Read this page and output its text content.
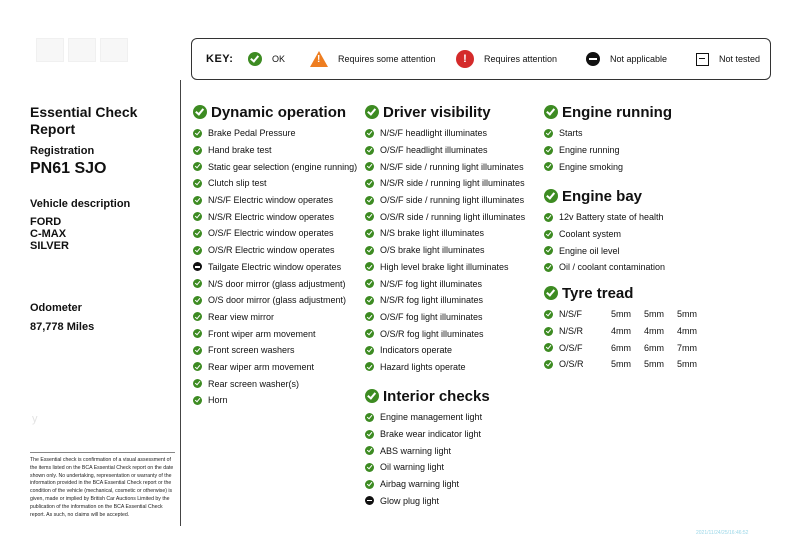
Essential Check Report
Registration
PN61 SJO
Vehicle description
FORD
C-MAX
SILVER
Odometer
87,778 Miles
y
The Essential check is confirmation of a visual assessment of the items listed on the BCA Essential Check report on the date shown only. No undertaking, representation or warranty of the information provided in the BCA Essential Check report or the condition of the vehicle (mechanical, cosmetic or otherwise) is given, made or implied by British Car Auctions Limited by the publication of the information on the BCA Essential Check report. As such, no claims will be accepted.
KEY:	OK
!	Requires some attention	!	Requires attention	Not applicable	Not tested
Dynamic operation
Brake Pedal Pressure
Hand brake test
Static gear selection (engine running)
Clutch slip test
N/S/F Electric window operates
N/S/R Electric window operates
O/S/F Electric window operates
O/S/R Electric window operates
Tailgate Electric window operates
N/S door mirror (glass adjustment)
O/S door mirror (glass adjustment)
Rear view mirror
Front wiper arm movement
Front screen washers
Rear wiper arm movement
Rear screen washer(s)
Horn
Driver visibility
N/S/F headlight illuminates
O/S/F headlight illuminates
N/S/F side / running light illuminates
N/S/R side / running light illuminates
O/S/F side / running light illuminates
O/S/R side / running light illuminates
N/S brake light illuminates
O/S brake light illuminates
High level brake light illuminates
N/S/F fog light illuminates
N/S/R fog light illuminates
O/S/F fog light illuminates
O/S/R fog light illuminates
Indicators operate
Hazard lights operate
Interior checks
Engine management light
Brake wear indicator light
ABS warning light
Oil warning light
Airbag warning light
Glow plug light
Engine running
Starts
Engine running
Engine smoking
Engine bay
12v Battery state of health
Coolant system
Engine oil level
Oil / coolant contamination
Tyre tread
N/S/F	5mm	5mm	5mm
N/S/R	4mm	4mm	4mm
O/S/F	6mm	6mm	7mm
O/S/R	5mm	5mm	5mm
2021/11/24/25/16:46:52
